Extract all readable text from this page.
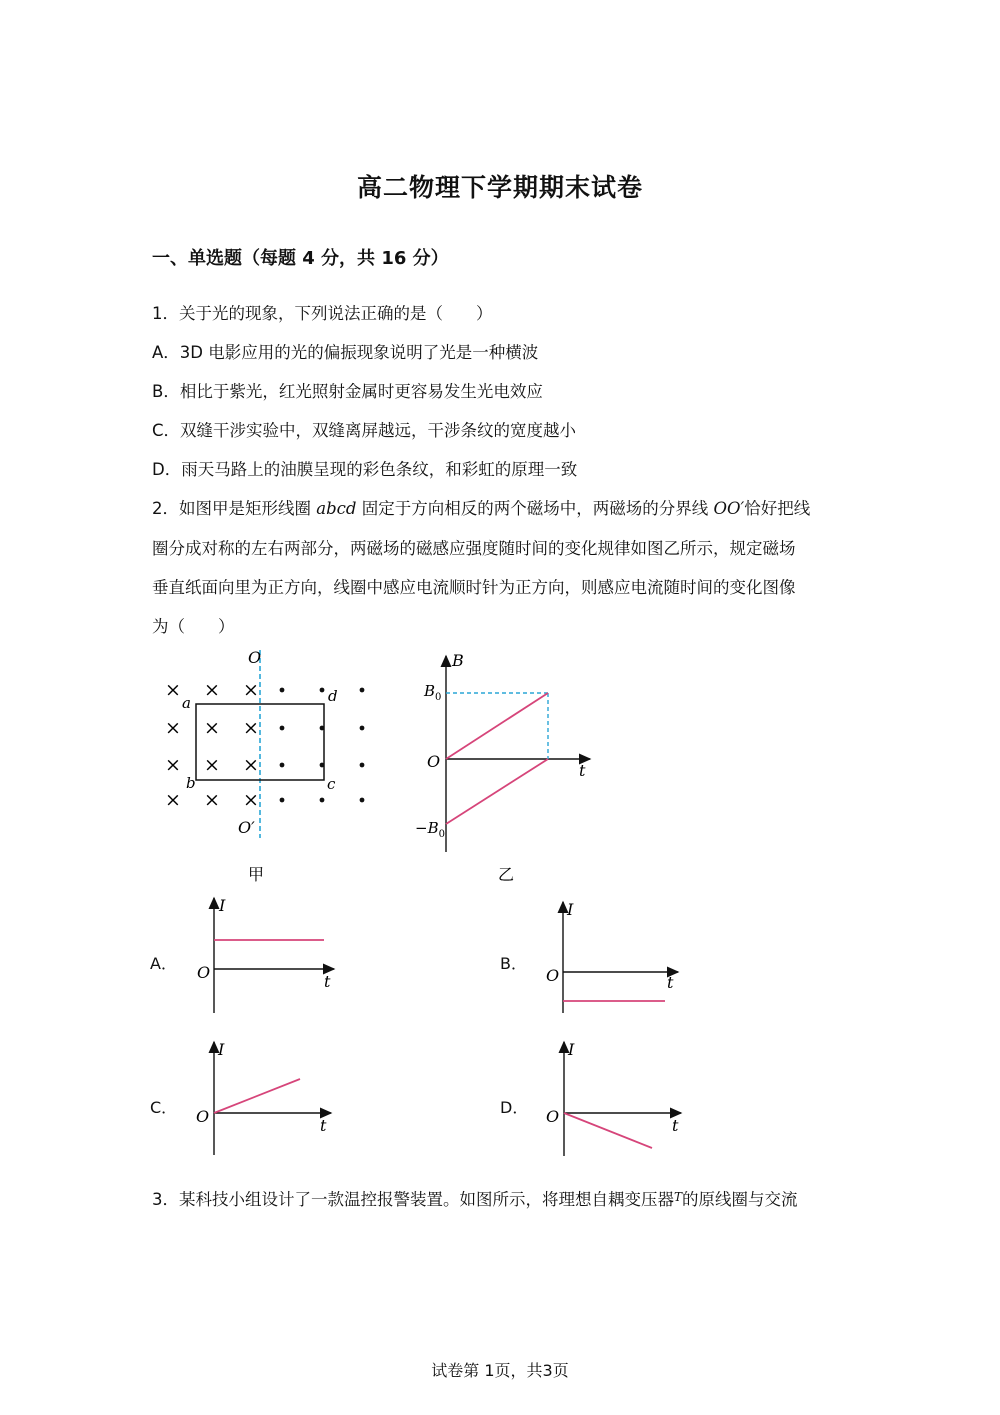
高二物理下学期期末试卷
一、单选题（每题 4 分，共 16 分）
1．关于光的现象，下列说法正确的是（　　）
A．3D 电影应用的光的偏振现象说明了光是一种横波
B．相比于紫光，红光照射金属时更容易发生光电效应
C．双缝干涉实验中，双缝离屏越远，干涉条纹的宽度越小
D．雨天马路上的油膜呈现的彩色条纹，和彩虹的原理一致
2．如图甲是矩形线圈 abcd 固定于方向相反的两个磁场中，两磁场的分界线 OO′恰好把线
圈分成对称的左右两部分，两磁场的磁感应强度随时间的变化规律如图乙所示，规定磁场
垂直纸面向里为正方向，线圈中感应电流顺时针为正方向，则感应电流随时间的变化图像
为（　　）
× × ×
× × ×
× × ×
× × ×
O
O′
a
b	c
d
甲
B
t
O
$B_0$
$-B_0$
乙
A．
I
t
O	B．
I
t
O
C．
I
t
O	D．
I
t
O
3．某科技小组设计了一款温控报警装置。如图所示，将理想自耦变压器$^T$的原线圈与交流
试卷第 1页，共3页
